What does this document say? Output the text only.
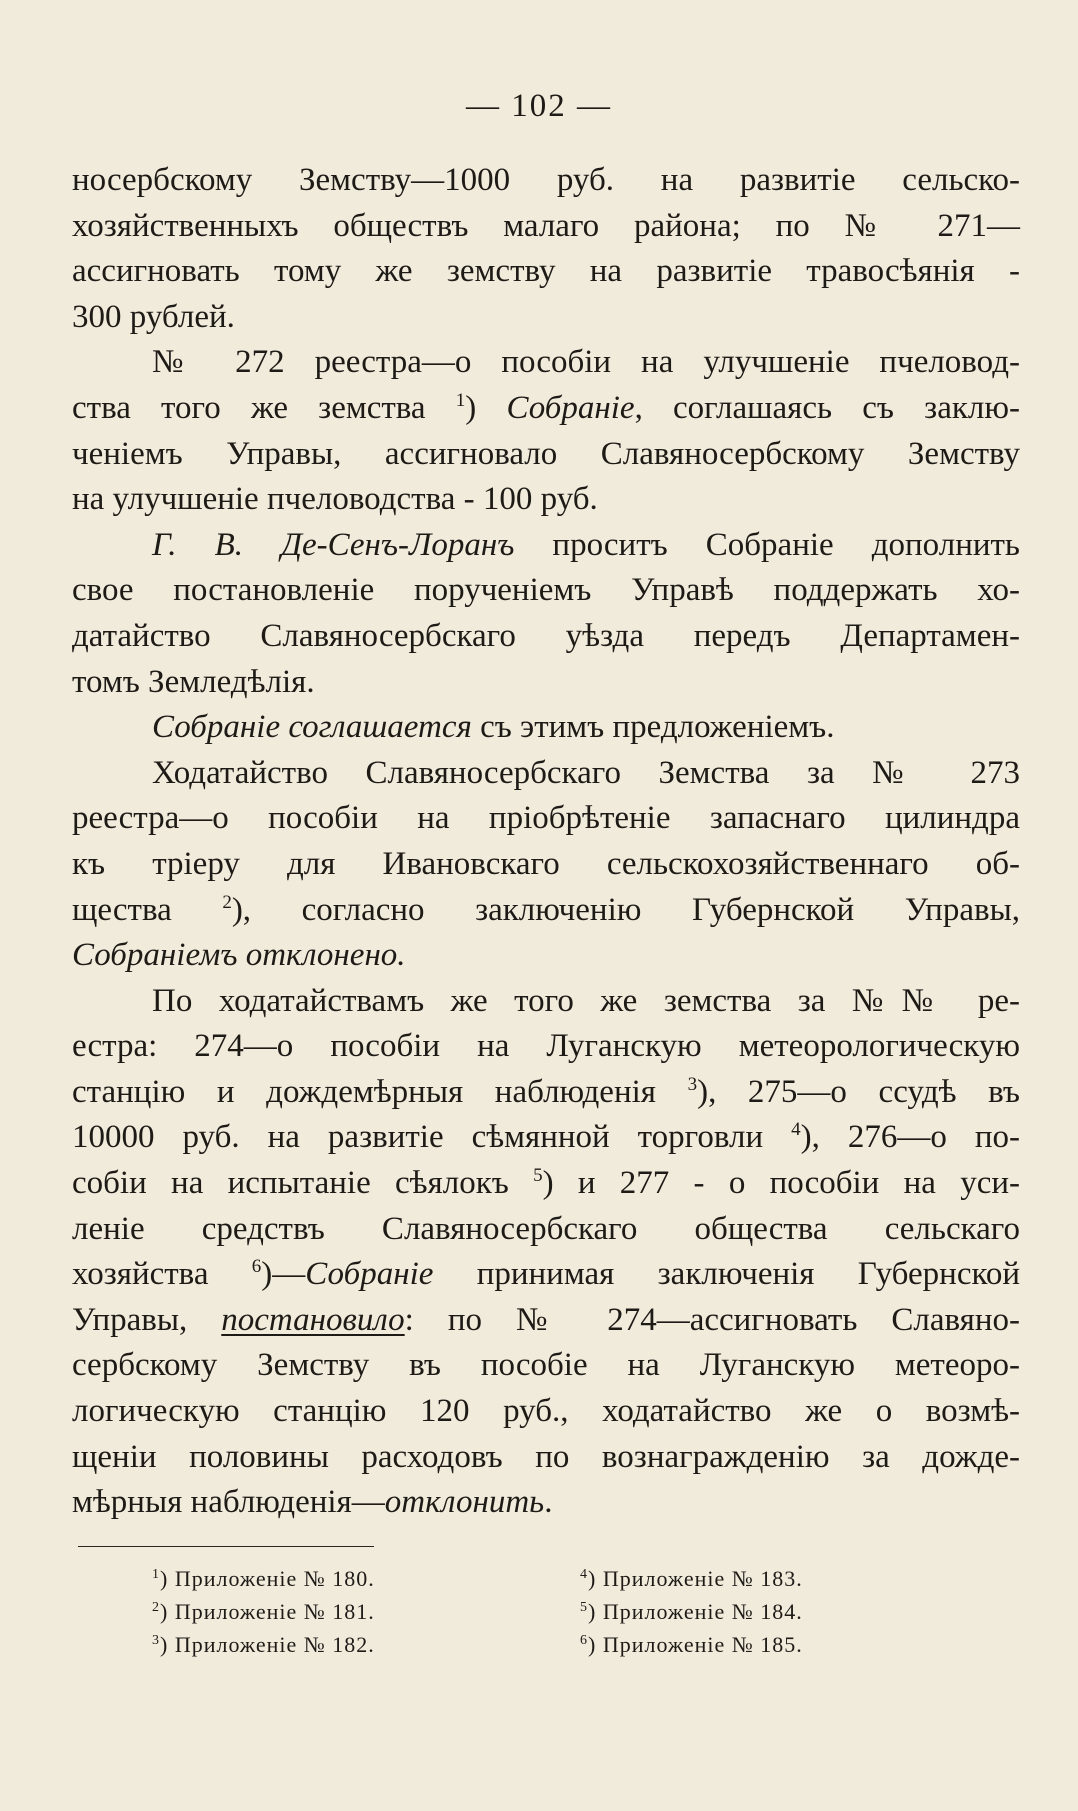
— 102 —
носербскому Земству—1000 руб. на развитіе сельско-
хозяйственныхъ обществъ малаго района; по № 271—
ассигновать тому же земству на развитіе травосѣянія -
300 рублей.
№ 272 реестра—о пособіи на улучшеніе пчеловод-
ства того же земства $^1$) Собраніе, соглашаясь съ заклю-
ченіемъ Управы, ассигновало Славяносербскому Земству
на улучшеніе пчеловодства - 100 руб.
Г. В. Де-Сенъ-Лоранъ проситъ Собраніе дополнить
свое постановленіе порученіемъ Управѣ поддержать хо-
датайство Славяносербскаго уѣзда передъ Департамен-
томъ Земледѣлія.
Собраніе соглашается съ этимъ предложеніемъ.
Ходатайство Славяносербскаго Земства за № 273
реестра—о пособіи на пріобрѣтеніе запаснаго цилиндра
къ тріеру для Ивановскаго сельскохозяйственнаго об-
щества $^2$), согласно заключенію Губернской Управы,
Собраніемъ отклонено.
По ходатайствамъ же того же земства за №№ ре-
естра: 274—о пособіи на Луганскую метеорологическую
станцію и дождемѣрныя наблюденія $^3$), 275—о ссудѣ въ
10000 руб. на развитіе сѣмянной торговли $^4$), 276—о по-
собіи на испытаніе сѣялокъ $^5$) и 277 - о пособіи на уси-
леніе средствъ Славяносербскаго общества сельскаго
хозяйства $^6$)—Собраніе принимая заключенія Губернской
Управы, постановило: по № 274—ассигновать Славяно-
сербскому Земству въ пособіе на Луганскую метеоро-
логическую станцію 120 руб., ходатайство же о возмѣ-
щеніи половины расходовъ по вознагражденію за дожде-
мѣрныя наблюденія—отклонить.
$^1$) Приложеніе № 180.
$^2$) Приложеніе № 181.
$^3$) Приложеніе № 182.
$^4$) Приложеніе № 183.
$^5$) Приложеніе № 184.
$^6$) Приложеніе № 185.
